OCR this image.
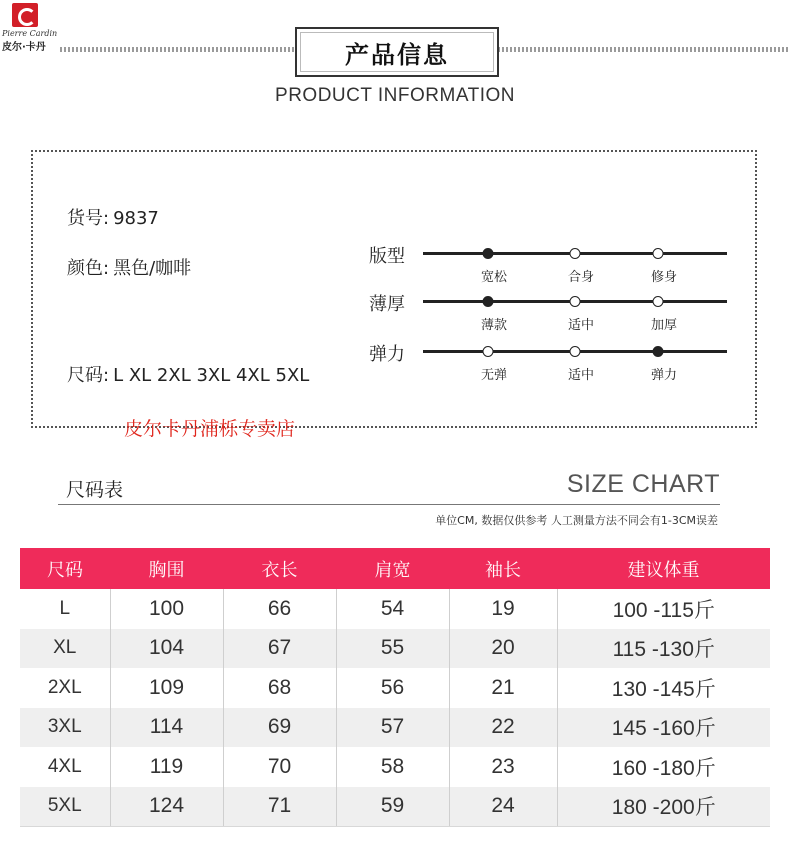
Pierre Cardin
皮尔·卡丹	产品信息
PRODUCT INFORMATION
货号: 9837
颜色: 黑色/咖啡
尺码: L XL 2XL 3XL 4XL 5XL
版型
宽松	合身	修身
薄厚
薄款	适中	加厚
弹力
无弹	适中	弹力
皮尔卡丹浦栎专卖店
尺码表	SIZE CHART
单位CM, 数据仅供参考 人工测量方法不同会有1-3CM误差
尺码	胸围	衣长	肩宽	袖长	建议体重
L	100	66	54	19	100 -115斤
XL	104	67	55	20	115 -130斤
2XL	109	68	56	21	130 -145斤
3XL	114	69	57	22	145 -160斤
4XL	119	70	58	23	160 -180斤
5XL	124	71	59	24	180 -200斤
